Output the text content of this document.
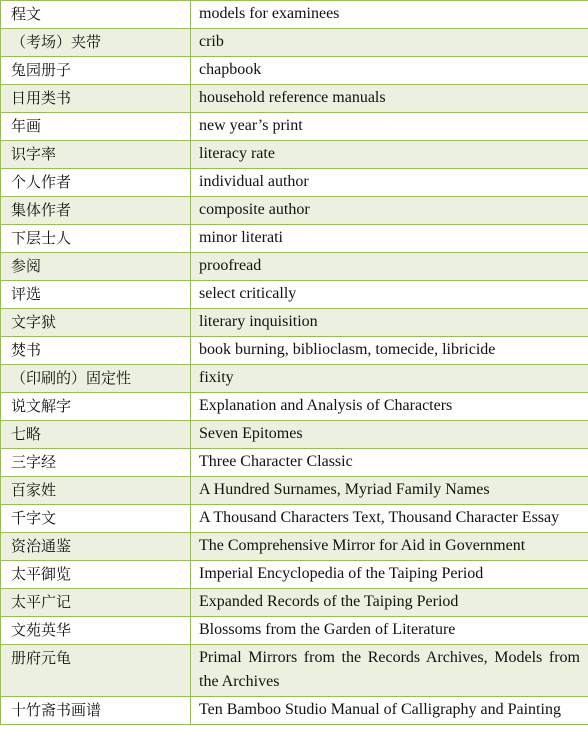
程文	models for examinees
（考场）夹带	crib
兔园册子	chapbook
日用类书	household reference manuals
年画	new year’s print
识字率	literacy rate
个人作者	individual author
集体作者	composite author
下层士人	minor literati
参阅	proofread
评选	select critically
文字狱	literary inquisition
焚书	book burning, biblioclasm, tomecide, libricide
（印刷的）固定性	fixity
说文解字	Explanation and Analysis of Characters
七略	Seven Epitomes
三字经	Three Character Classic
百家姓	A Hundred Surnames, Myriad Family Names
千字文	A Thousand Characters Text, Thousand Character Essay
资治通鉴	The Comprehensive Mirror for Aid in Government
太平御览	Imperial Encyclopedia of the Taiping Period
太平广记	Expanded Records of the Taiping Period
文苑英华	Blossoms from the Garden of Literature
册府元龟	Primal Mirrors from the Records Archives, Models from the Archives
十竹斋书画谱	Ten Bamboo Studio Manual of Calligraphy and Painting
